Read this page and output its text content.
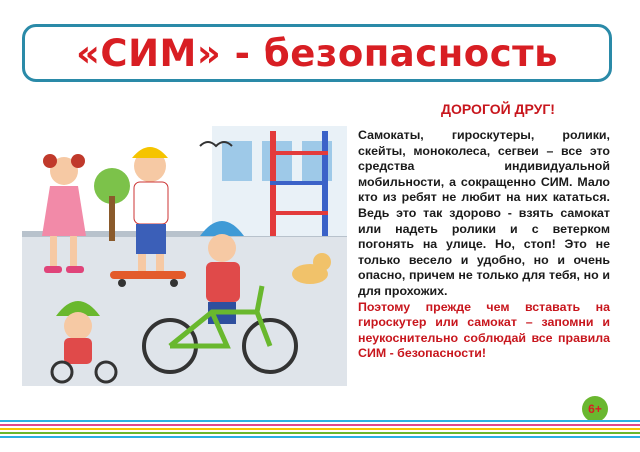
«СИМ» - безопасность
ДОРОГОЙ ДРУГ!
Самокаты, гироскутеры, ролики, скейты, моноколеса, сегвеи – все это средства индивидуальной мобильности, а сокращенно СИМ. Мало кто из ребят не любит на них кататься. Ведь это так здорово - взять самокат или надеть ролики и с ветерком погонять на улице. Но, стоп! Это не только весело и удобно, но и очень опасно, причем не только для тебя, но и для прохожих.
Поэтому прежде чем вставать на гироскутер или самокат – запомни и неукоснительно соблюдай все правила СИМ - безопасности!
6+
